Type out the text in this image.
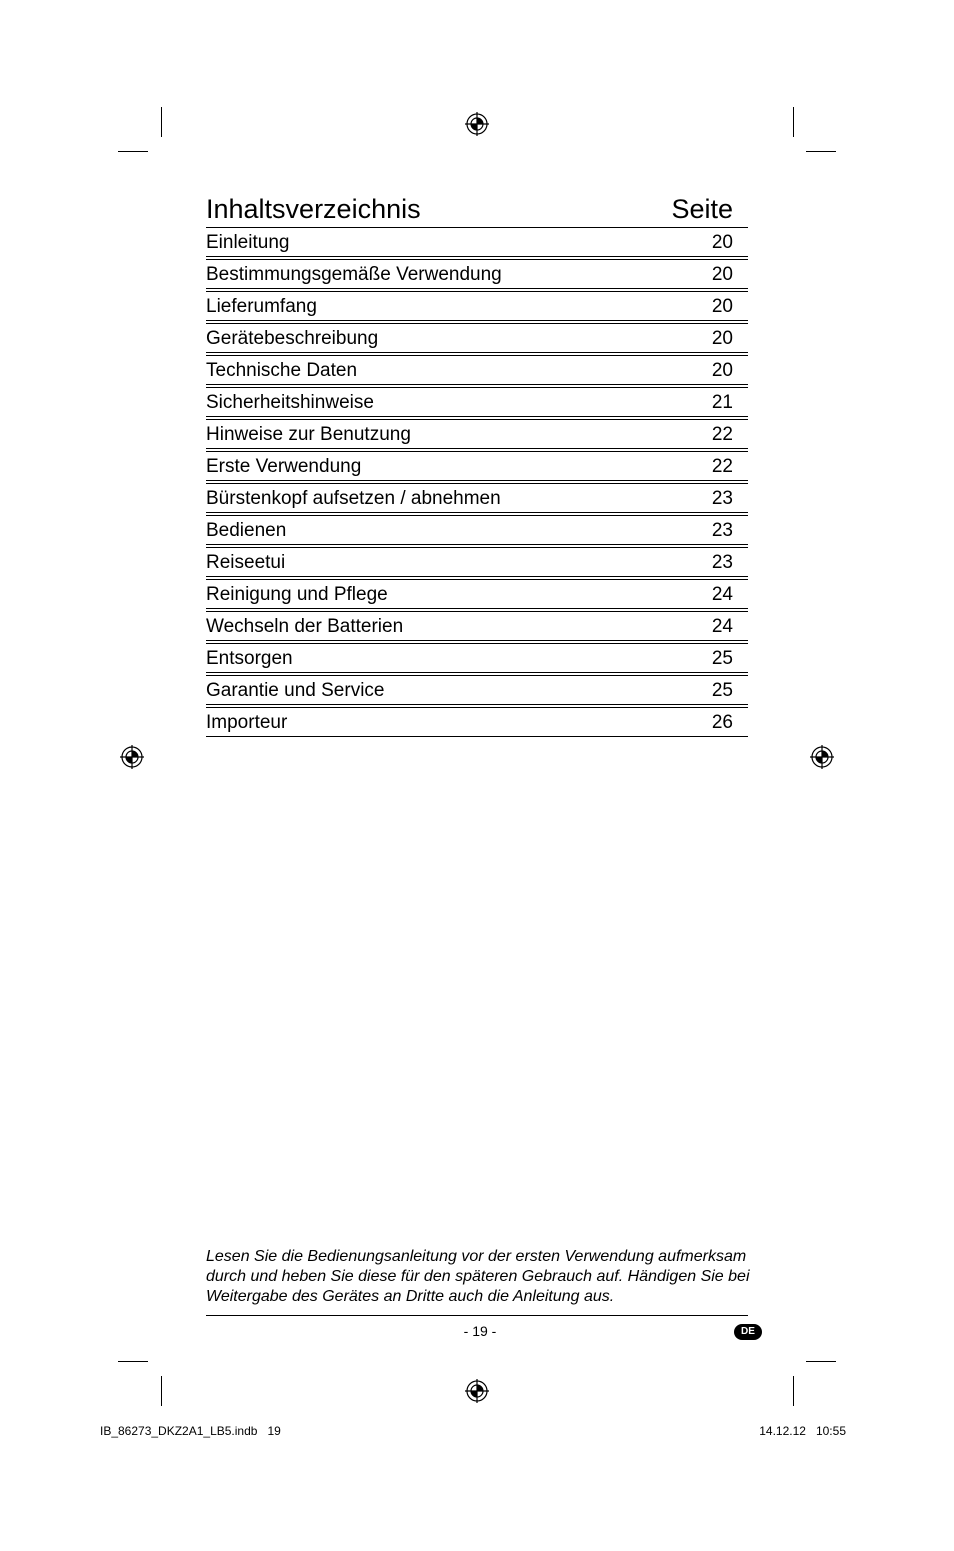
Inhaltsverzeichnis	Seite
Einleitung	20
Bestimmungsgemäße Verwendung	20
Lieferumfang	20
Gerätebeschreibung	20
Technische Daten	20
Sicherheitshinweise	21
Hinweise zur Benutzung	22
Erste Verwendung	22
Bürstenkopf aufsetzen / abnehmen	23
Bedienen	23
Reiseetui	23
Reinigung und Pflege	24
Wechseln der Batterien	24
Entsorgen	25
Garantie und Service	25
Importeur	26
Lesen Sie die Bedienungsanleitung vor der ersten Verwendung aufmerksam durch und heben Sie diese für den späteren Gebrauch auf. Händigen Sie bei Weitergabe des Gerätes an Dritte auch die Anleitung aus.
- 19 -	DE
IB_86273_DKZ2A1_LB5.indb   19	14.12.12   10:55
